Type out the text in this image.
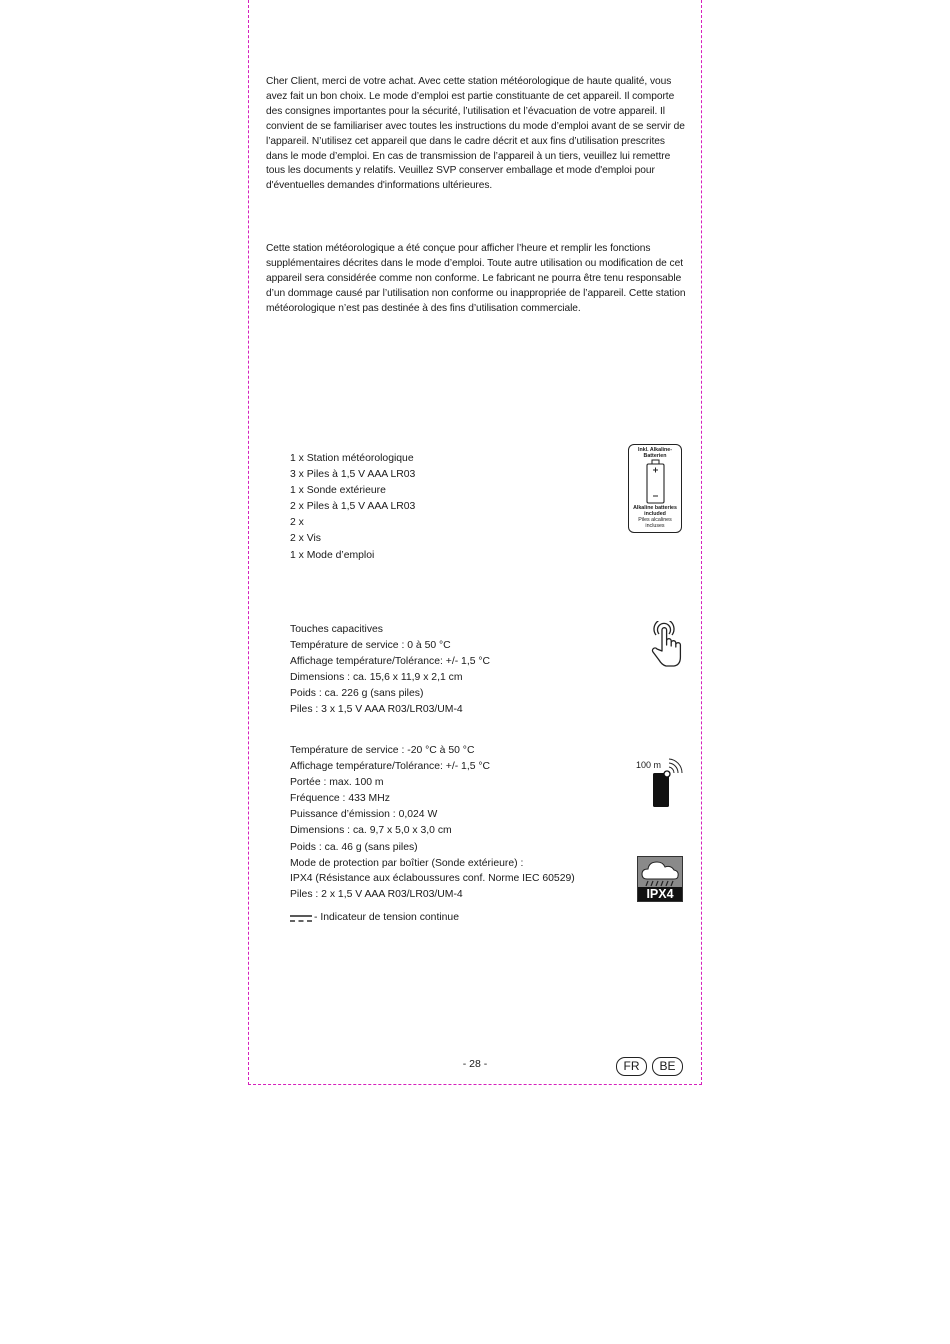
Cher Client, merci de votre achat. Avec cette station météorologique de haute qualité, vous avez fait un bon choix. Le mode d’emploi est partie constituante de cet appareil. Il comporte des consignes importantes pour la sécurité, l’utilisation et l’évacuation de votre appareil. Il convient de se familiariser avec toutes les instructions du mode d’emploi avant de se servir de l’appareil. N’utilisez cet appareil que dans le cadre décrit et aux fins d’utilisation prescrites dans le mode d’emploi. En cas de transmission de l’appareil à un tiers, veuillez lui remettre tous les documents y relatifs. Veuillez SVP conserver emballage et mode d'emploi pour d'éventuelles demandes d'informations ultérieures.

Cette station météorologique a été conçue pour afficher l’heure et remplir les fonctions supplémentaires décrites dans le mode d’emploi. Toute autre utilisation ou modification de cet appareil sera considérée comme non conforme. Le fabricant ne pourra être tenu responsable d’un dommage causé par l’utilisation non conforme ou inappropriée de l’appareil. Cette station météorologique n’est pas destinée à des fins d’utilisation commerciale.

1 x Station météorologique
3 x Piles à 1,5 V AAA LR03
1 x Sonde extérieure
2 x Piles à 1,5 V AAA LR03
2 x
2 x Vis
1 x Mode d’emploi
Inkl. Alkaline-
Batterien
Alkaline batteries
included
Piles alcalines
incluses
Touches capacitives
Température de service : 0 à 50 °C
Affichage température/Tolérance: +/- 1,5 °C
Dimensions : ca. 15,6 x 11,9 x 2,1 cm
Poids : ca. 226 g (sans piles)
Piles : 3 x 1,5 V AAA R03/LR03/UM-4
Température de service : -20 °C à 50 °C
Affichage température/Tolérance: +/- 1,5 °C
Portée : max. 100 m
Fréquence : 433 MHz
Puissance d’émission : 0,024 W
Dimensions : ca. 9,7 x 5,0 x 3,0 cm
Poids : ca. 46 g (sans piles)
Mode de protection par boîtier (Sonde extérieure) :
IPX4 (Résistance aux éclaboussures conf. Norme IEC 60529)
Piles : 2 x 1,5 V AAA R03/LR03/UM-4
100 m
IPX4
- Indicateur de tension continue
- 28 -	FR	BE
